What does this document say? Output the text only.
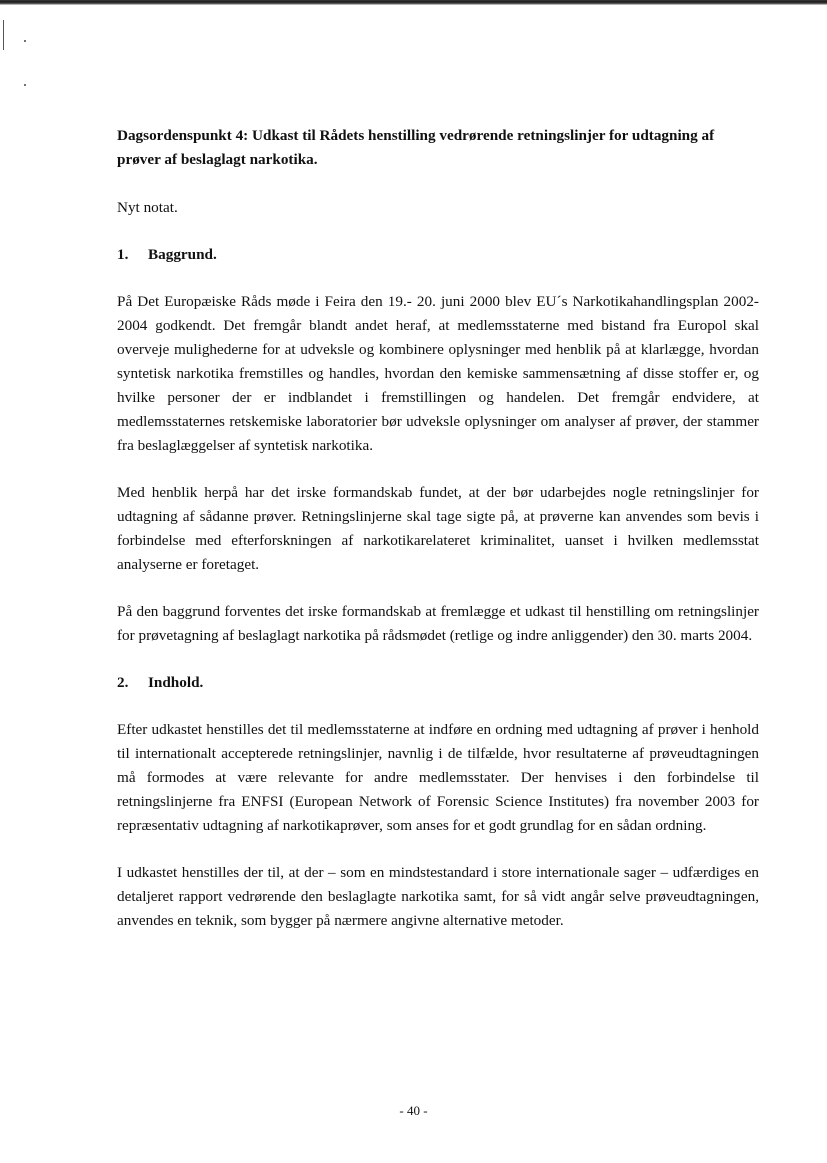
Dagsordenspunkt 4: Udkast til Rådets henstilling vedrørende retningslinjer for udtagning af prøver af beslaglagt narkotika.

Nyt notat.

1. Baggrund.

På Det Europæiske Råds møde i Feira den 19.- 20. juni 2000 blev EU´s Narkotikahandlingsplan 2002-2004 godkendt. Det fremgår blandt andet heraf, at medlemsstaterne med bistand fra Europol skal overveje mulighederne for at udveksle og kombinere oplysninger med henblik på at klarlægge, hvordan syntetisk narkotika fremstilles og handles, hvordan den kemiske sammensætning af disse stoffer er, og hvilke personer der er indblandet i fremstillingen og handelen. Det fremgår endvidere, at medlemsstaternes retskemiske laboratorier bør udveksle oplysninger om analyser af prøver, der stammer fra beslaglæggelser af syntetisk narkotika.

Med henblik herpå har det irske formandskab fundet, at der bør udarbejdes nogle retningslinjer for udtagning af sådanne prøver. Retningslinjerne skal tage sigte på, at prøverne kan anvendes som bevis i forbindelse med efterforskningen af narkotikarelateret kriminalitet, uanset i hvilken medlemsstat analyserne er foretaget.

På den baggrund forventes det irske formandskab at fremlægge et udkast til henstilling om retningslinjer for prøvetagning af beslaglagt narkotika på rådsmødet (retlige og indre anliggender) den 30. marts 2004.

2. Indhold.

Efter udkastet henstilles det til medlemsstaterne at indføre en ordning med udtagning af prøver i henhold til internationalt accepterede retningslinjer, navnlig i de tilfælde, hvor resultaterne af prøveudtagningen må formodes at være relevante for andre medlemsstater. Der henvises i den forbindelse til retningslinjerne fra ENFSI (European Network of Forensic Science Institutes) fra november 2003 for repræsentativ udtagning af narkotikaprøver, som anses for et godt grundlag for en sådan ordning.

I udkastet henstilles der til, at der – som en mindstestandard i store internationale sager – udfærdiges en detaljeret rapport vedrørende den beslaglagte narkotika samt, for så vidt angår selve prøveudtagningen, anvendes en teknik, som bygger på nærmere angivne alternative metoder.

- 40 -
